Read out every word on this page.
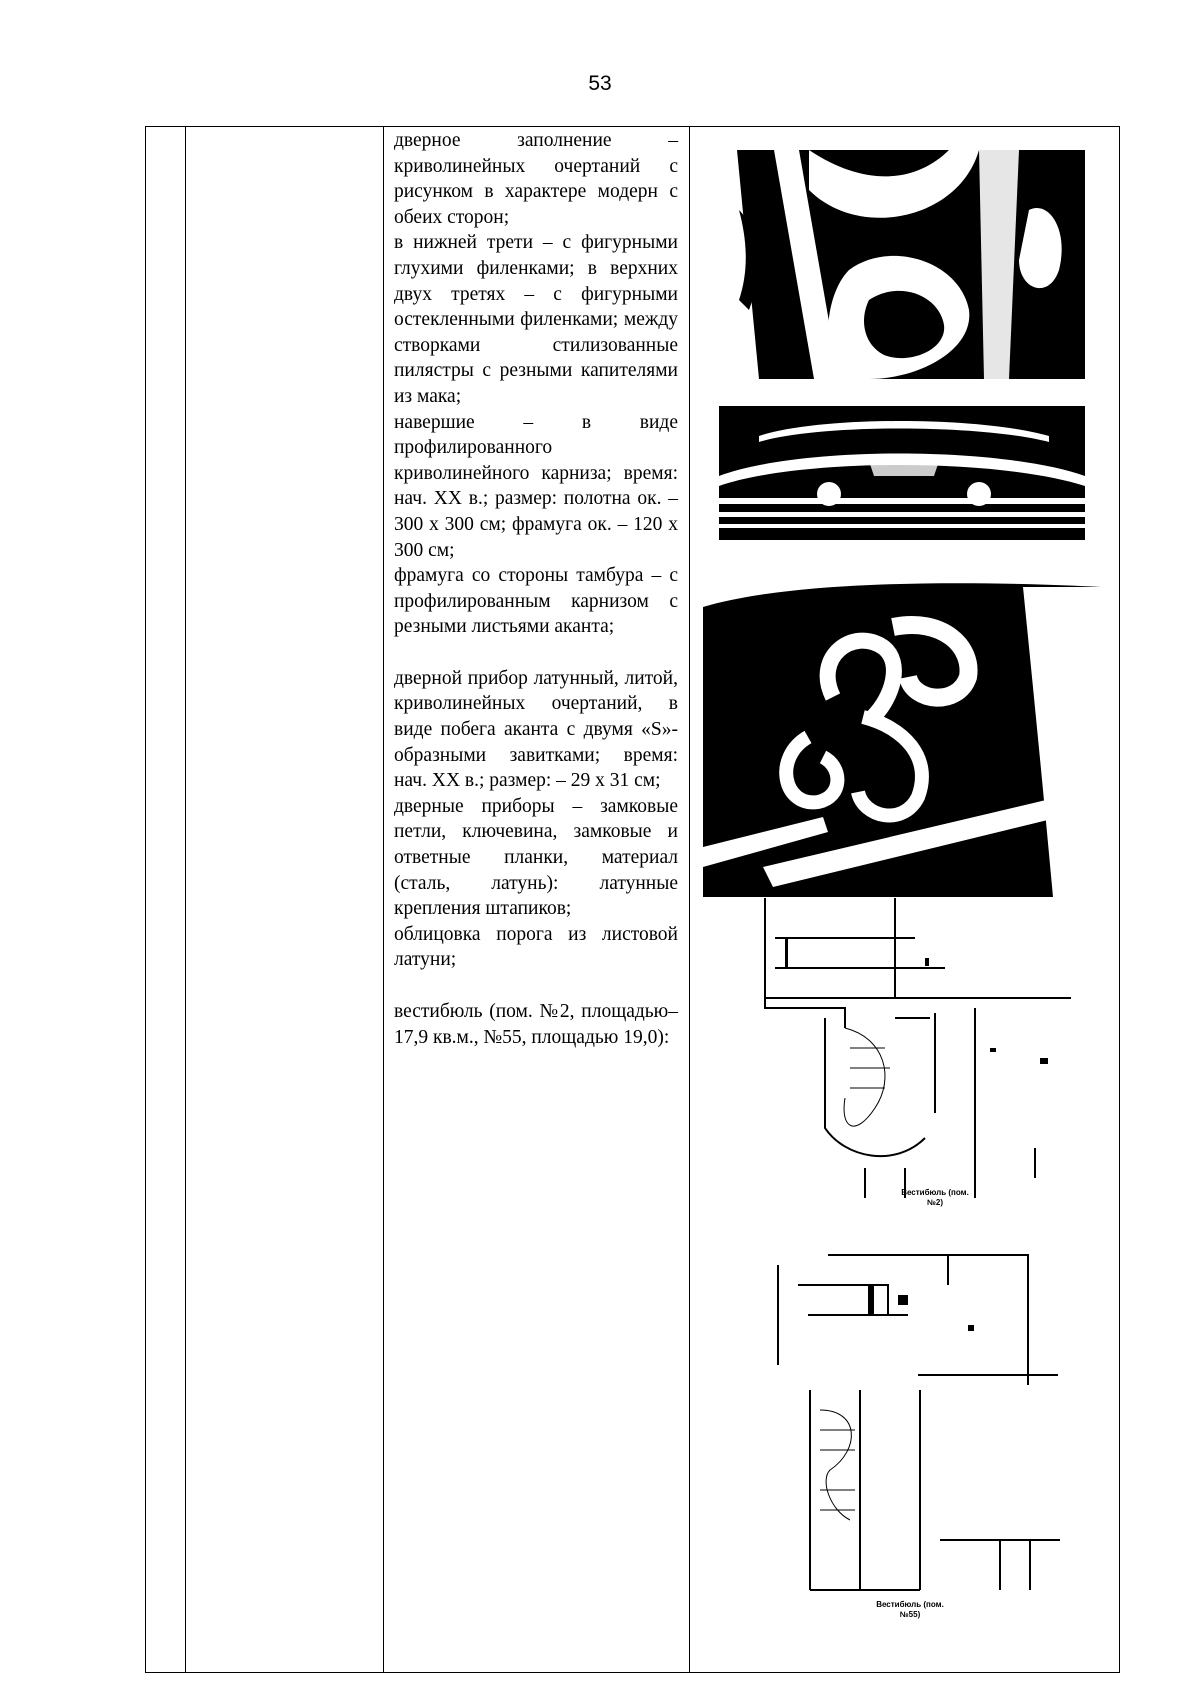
53

дверное заполнение – криволинейных очертаний с рисунком в характере модерн с обеих сторон;

в нижней трети – с фигурными глухими филенками; в верхних двух третях – с фигурными остекленными филенками; между створками стилизованные пилястры с резными капителями из мака;

навершие – в виде профилированного криволинейного карниза; время: нач. XX в.; размер: полотна ок. – 300 х 300 см; фрамуга ок. – 120 х 300 см;

фрамуга со стороны тамбура – с профилированным карнизом с резными листьями аканта;

дверной прибор латунный, литой, криволинейных очертаний, в виде побега аканта с двумя «S»-образными завитками; время: нач. XX в.; размер: – 29 х 31 см;

дверные приборы – замковые петли, ключевина, замковые и ответные планки, материал (сталь, латунь): латунные крепления штапиков;

облицовка порога из листовой латуни;

вестибюль (пом. №2, площадью–17,9 кв.м., №55, площадью 19,0):

Вестибюль (пом.№2)
Вестибюль (пом.№55)
